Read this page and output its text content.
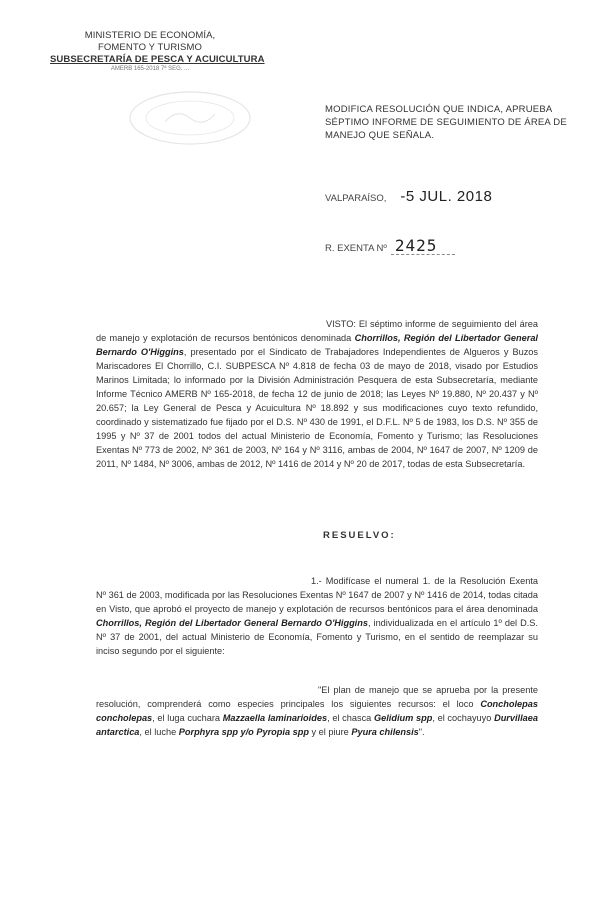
MINISTERIO DE ECONOMÍA,
FOMENTO Y TURISMO
SUBSECRETARÍA DE PESCA Y ACUICULTURA
AMERB 165-2018 7ª SEG. ...
MODIFICA RESOLUCIÓN QUE INDICA, APRUEBA SÉPTIMO INFORME DE SEGUIMIENTO DE ÁREA DE MANEJO QUE SEÑALA.
VALPARAÍSO, -5 JUL. 2018
R. EXENTA Nº 2425

VISTO: El séptimo informe de seguimiento del área de manejo y explotación de recursos bentónicos denominada Chorrillos, Región del Libertador General Bernardo O'Higgins, presentado por el Sindicato de Trabajadores Independientes de Algueros y Buzos Mariscadores El Chorrillo, C.I. SUBPESCA Nº 4.818 de fecha 03 de mayo de 2018, visado por Estudios Marinos Limitada; lo informado por la División Administración Pesquera de esta Subsecretaría, mediante Informe Técnico AMERB Nº 165-2018, de fecha 12 de junio de 2018; las Leyes Nº 19.880, Nº 20.437 y Nº 20.657; la Ley General de Pesca y Acuicultura Nº 18.892 y sus modificaciones cuyo texto refundido, coordinado y sistematizado fue fijado por el D.S. Nº 430 de 1991, el D.F.L. Nº 5 de 1983, los D.S. Nº 355 de 1995 y Nº 37 de 2001 todos del actual Ministerio de Economía, Fomento y Turismo; las Resoluciones Exentas Nº 773 de 2002, Nº 361 de 2003, Nº 164 y Nº 3116, ambas de 2004, Nº 1647 de 2007, Nº 1209 de 2011, Nº 1484, Nº 3006, ambas de 2012, Nº 1416 de 2014 y Nº 20 de 2017, todas de esta Subsecretaría.

RESUELVO:

1.- Modifícase el numeral 1. de la Resolución Exenta Nº 361 de 2003, modificada por las Resoluciones Exentas Nº 1647 de 2007 y Nº 1416 de 2014, todas citada en Visto, que aprobó el proyecto de manejo y explotación de recursos bentónicos para el área denominada Chorrillos, Región del Libertador General Bernardo O'Higgins, individualizada en el artículo 1º del D.S. Nº 37 de 2001, del actual Ministerio de Economía, Fomento y Turismo, en el sentido de reemplazar su inciso segundo por el siguiente:

"El plan de manejo que se aprueba por la presente resolución, comprenderá como especies principales los siguientes recursos: el loco Concholepas concholepas, el luga cuchara Mazzaella laminarioides, el chasca Gelidium spp, el cochayuyo Durvillaea antarctica, el luche Porphyra spp y/o Pyropia spp y el piure Pyura chilensis".
